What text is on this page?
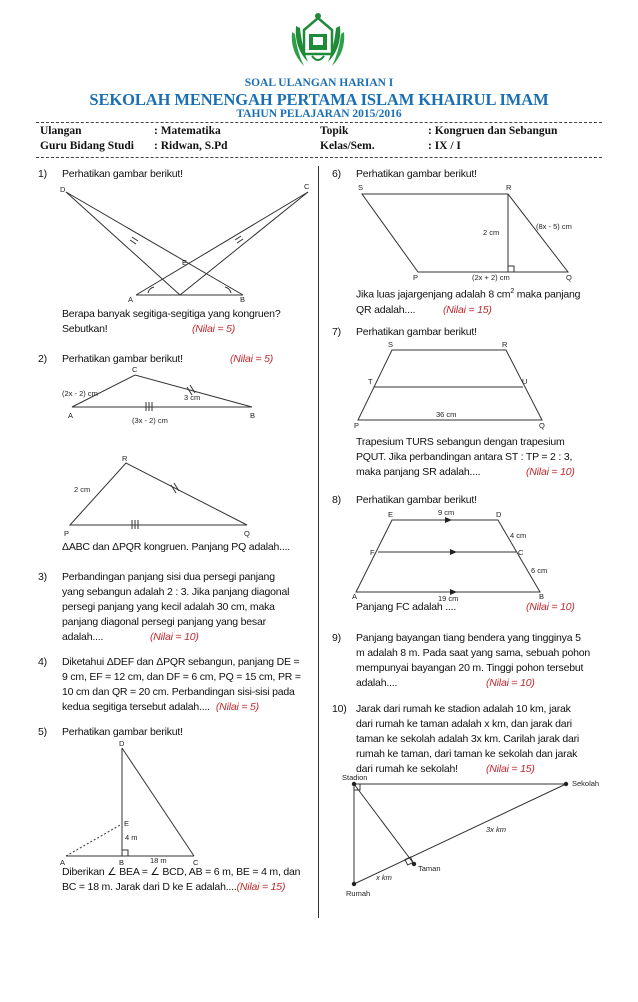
SOAL ULANGAN HARIAN I
SEKOLAH MENENGAH PERTAMA ISLAM KHAIRUL IMAM
TAHUN PELAJARAN 2015/2016
Ulangan	: Matematika	Topik	: Kongruen dan Sebangun
Guru Bidang Studi : Ridwan, S.Pd	Kelas/Sem.	: IX / I
1) Perhatikan gambar berikut!
D	C
E
A	B
Berapa banyak segitiga-segitiga yang kongruen?
Sebutkan!	(Nilai = 5)
2) Perhatikan gambar berikut!	(Nilai = 5)
C
A	B
(2x - 2) cm	3 cm
(3x - 2) cm
R
P	Q
2 cm
ΔABC dan ΔPQR kongruen. Panjang PQ adalah....
3) Perbandingan panjang sisi dua persegi panjang
yang sebangun adalah 2 : 3. Jika panjang diagonal
persegi panjang yang kecil adalah 30 cm, maka
panjang diagonal persegi panjang yang besar
adalah....	(Nilai = 10)
4) Diketahui ΔDEF dan ΔPQR sebangun, panjang DE =
9 cm, EF = 12 cm, dan DF = 6 cm, PQ = 15 cm, PR =
10 cm dan QR = 20 cm. Perbandingan sisi-sisi pada
kedua segitiga tersebut adalah.... (Nilai = 5)
5) Perhatikan gambar berikut!
D
E
A	B	C
4 m
18 m
Diberikan ∠ BEA = ∠ BCD, AB = 6 m, BE = 4 m, dan
BC = 18 m. Jarak dari D ke E adalah....(Nilai = 15)
6) Perhatikan gambar berikut!
S	R
P	Q
2 cm
(8x - 5) cm
(2x + 2) cm
Jika luas jajargenjang adalah 8 $cm^2$ maka panjang
QR adalah....	(Nilai = 15)
7) Perhatikan gambar berikut!
S	R
T	U
P	Q
36 cm
Trapesium TURS sebangun dengan trapesium
PQUT. Jika perbandingan antara ST : TP = 2 : 3,
maka panjang SR adalah....	(Nilai = 10)
8) Perhatikan gambar berikut!
E	D
F	C
A	B
9 cm
4 cm
6 cm
19 cm
Panjang FC adalah ....	(Nilai = 10)
9) Panjang bayangan tiang bendera yang tingginya 5
m adalah 8 m. Pada saat yang sama, sebuah pohon
mempunyai bayangan 20 m. Tinggi pohon tersebut
adalah....	(Nilai = 10)
10) Jarak dari rumah ke stadion adalah 10 km, jarak
dari rumah ke taman adalah x km, dan jarak dari
taman ke sekolah adalah 3x km. Carilah jarak dari
rumah ke taman, dari taman ke sekolah dan jarak
dari rumah ke sekolah!	(Nilai = 15)
Stadion
Sekolah
Rumah
Taman
x km
3x km
